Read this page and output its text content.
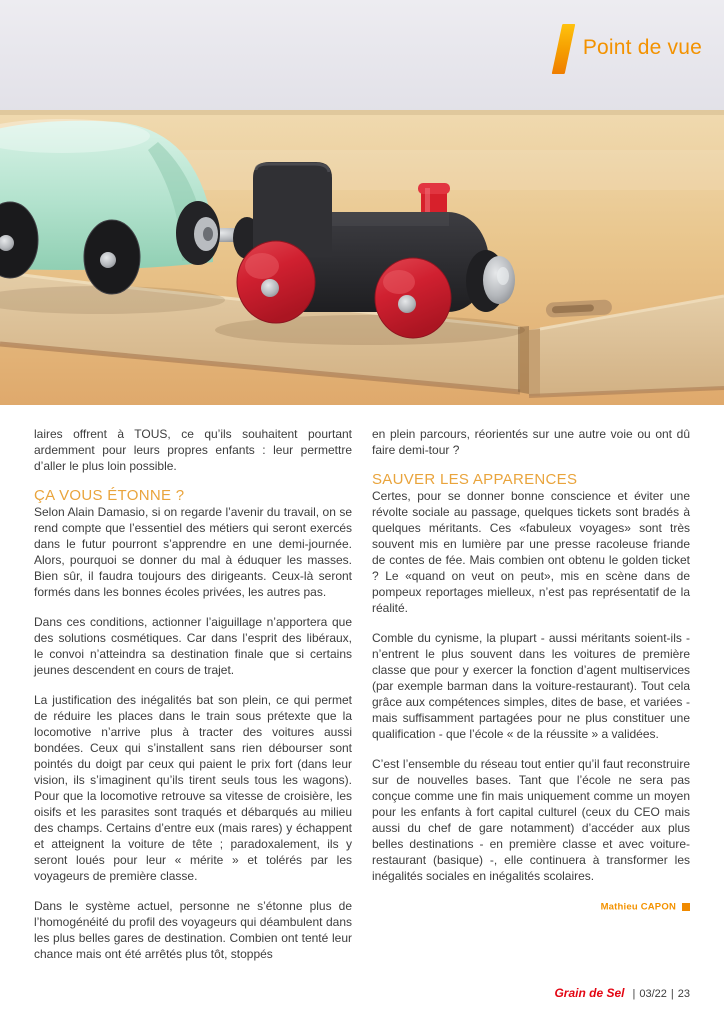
Point de vue

laires offrent à TOUS, ce qu’ils souhaitent pourtant ardemment pour leurs propres enfants : leur permettre d’aller le plus loin possible.

ÇA VOUS ÉTONNE ?

Selon Alain Damasio, si on regarde l’avenir du travail, on se rend compte que l’essentiel des métiers qui seront exercés dans le futur pourront s’apprendre en une demi-journée. Alors, pourquoi se donner du mal à éduquer les masses. Bien sûr, il faudra toujours des dirigeants. Ceux-là seront formés dans les bonnes écoles privées, les autres pas.

Dans ces conditions, actionner l’aiguillage n’apportera que des solutions cosmétiques. Car dans l’esprit des libéraux, le convoi n’atteindra sa destination finale que si certains jeunes descendent en cours de trajet.

La justification des inégalités bat son plein, ce qui permet de réduire les places dans le train sous prétexte que la locomotive n’arrive plus à tracter des voitures aussi bondées. Ceux qui s’installent sans rien débourser sont pointés du doigt par ceux qui paient le prix fort (dans leur vision, ils s’imaginent qu’ils tirent seuls tous les wagons). Pour que la locomotive retrouve sa vitesse de croisière, les oisifs et les parasites sont traqués et débarqués au milieu des champs. Certains d’entre eux (mais rares) y échappent et atteignent la voiture de tête ; paradoxalement, ils y seront loués pour leur « mérite » et tolérés par les voyageurs de première classe.

Dans le système actuel, personne ne s’étonne plus de l’homogénéité du profil des voyageurs qui déambulent dans les plus belles gares de destination. Combien ont tenté leur chance mais ont été arrêtés plus tôt, stoppés

en plein parcours, réorientés sur une autre voie ou ont dû faire demi-tour ?

SAUVER LES APPARENCES

Certes, pour se donner bonne conscience et éviter une révolte sociale au passage, quelques tickets sont bradés à quelques méritants. Ces «fabuleux voyages» sont très souvent mis en lumière par une presse racoleuse friande de contes de fée. Mais combien ont obtenu le golden ticket ? Le «quand on veut on peut», mis en scène dans de pompeux reportages mielleux, n’est pas représentatif de la réalité.

Comble du cynisme, la plupart - aussi méritants soient-ils - n’entrent le plus souvent dans les voitures de première classe que pour y exercer la fonction d’agent multiservices (par exemple barman dans la voiture-restaurant). Tout cela grâce aux compétences simples, dites de base, et variées - mais suffisamment partagées pour ne plus constituer une qualification - que l’école « de la réussite » a validées.

C’est l’ensemble du réseau tout entier qu’il faut reconstruire sur de nouvelles bases. Tant que l’école ne sera pas conçue comme une fin mais uniquement comme un moyen pour les enfants à fort capital culturel (ceux du CEO mais aussi du chef de gare notamment) d’accéder aux plus belles destinations - en première classe et avec voiture-restaurant (basique) -, elle continuera à transformer les inégalités sociales en inégalités scolaires.

Mathieu CAPON
Grain de Sel | 03/22 | 23
